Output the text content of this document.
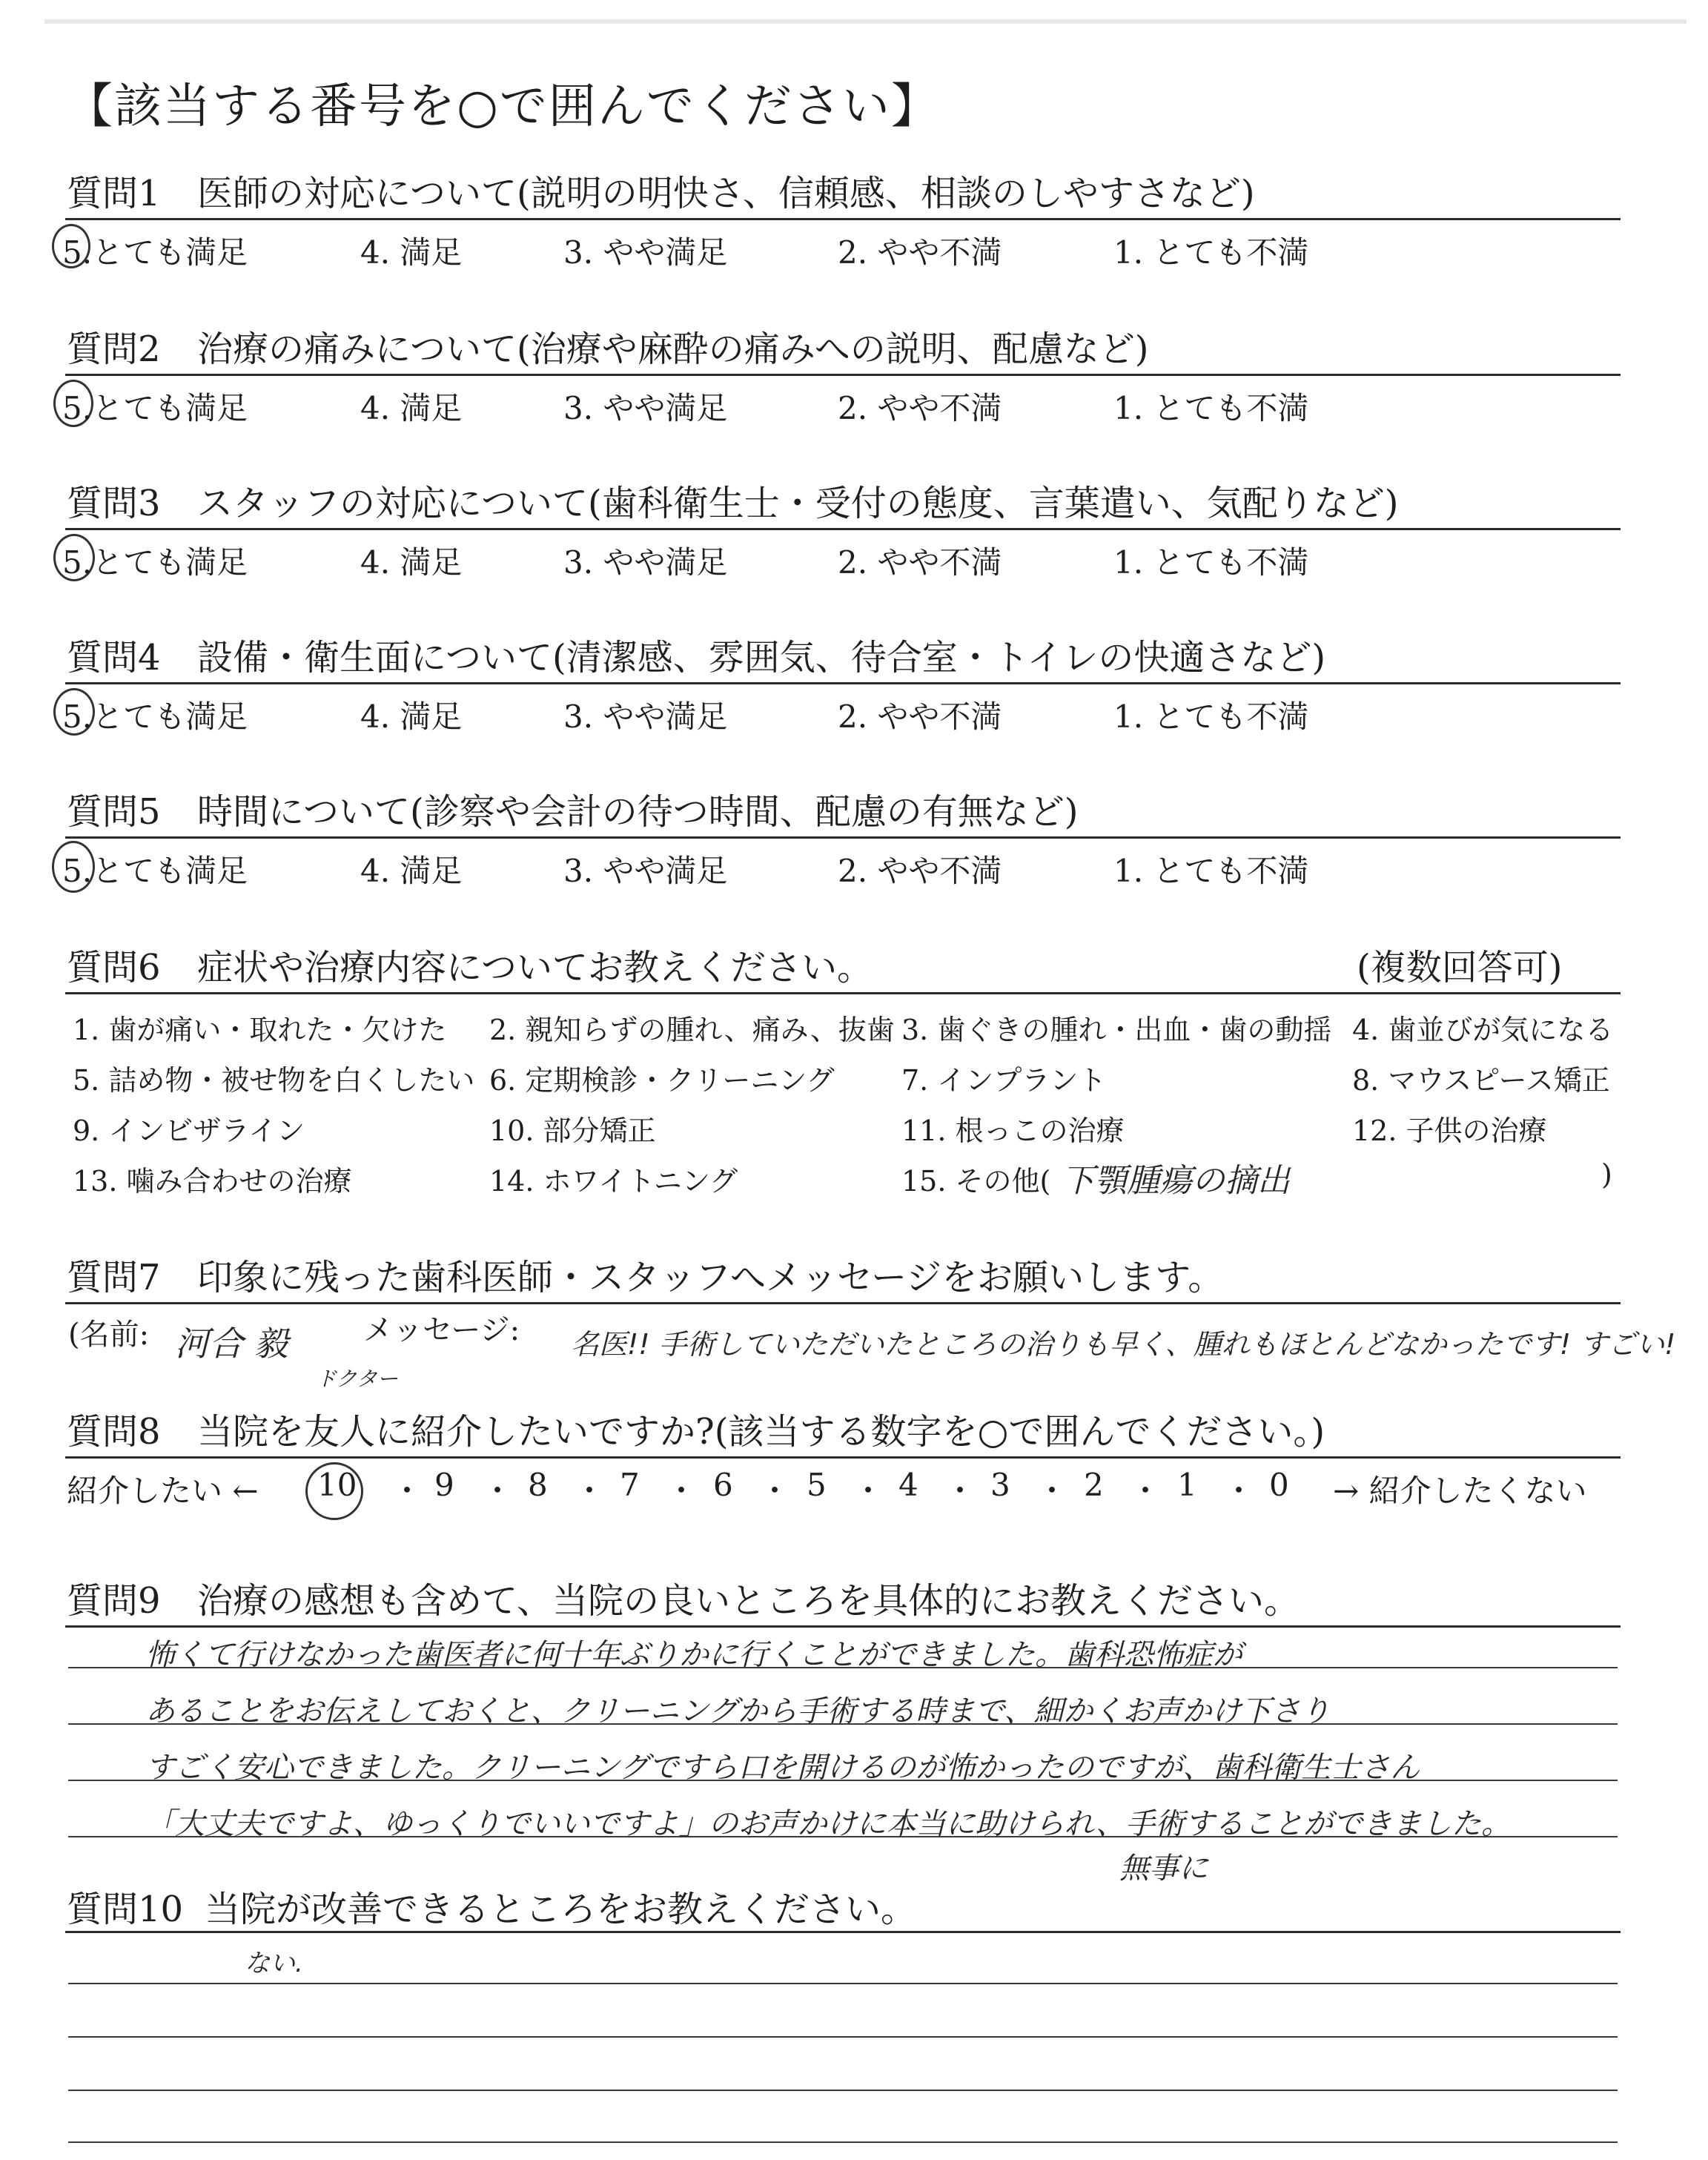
【該当する番号を○で囲んでください】
質問1 医師の対応について(説明の明快さ、信頼感、相談のしやすさなど)
5.とても満足	4. 満足	3. やや満足	2. やや不満	1. とても不満
質問2 治療の痛みについて(治療や麻酔の痛みへの説明、配慮など)
5.とても満足	4. 満足	3. やや満足	2. やや不満	1. とても不満
質問3 スタッフの対応について(歯科衛生士・受付の態度、言葉遣い、気配りなど)
5.とても満足	4. 満足	3. やや満足	2. やや不満	1. とても不満
質問4 設備・衛生面について(清潔感、雰囲気、待合室・トイレの快適さなど)
5.とても満足	4. 満足	3. やや満足	2. やや不満	1. とても不満
質問5 時間について(診察や会計の待つ時間、配慮の有無など)
5.とても満足	4. 満足	3. やや満足	2. やや不満	1. とても不満
質問6 症状や治療内容についてお教えください。	(複数回答可)
1. 歯が痛い・取れた・欠けた 2. 親知らずの腫れ、痛み、抜歯 3. 歯ぐきの腫れ・出血・歯の動揺 4. 歯並びが気になる
5. 詰め物・被せ物を白くしたい 6. 定期検診・クリーニング 7. インプラント	8. マウスピース矯正
9. インビザライン	10. 部分矯正	11. 根っこの治療	12. 子供の治療
13. 噛み合わせの治療	14. ホワイトニング	15. その他( 下顎腫瘍の摘出	)
質問7 印象に残った歯科医師・スタッフへメッセージをお願いします。
(名前: 河合 毅
ドクター
メッセージ: 名医!! 手術していただいたところの治りも早く、腫れもほとんどなかったです! すごい!
質問8 当院を友人に紹介したいですか?(該当する数字を○で囲んでください。)
紹介したい ← 10 ・ 9 ・ 8 ・ 7 ・ 6 ・ 5 ・ 4 ・ 3 ・ 2 ・ 1 ・ 0 → 紹介したくない
質問9 治療の感想も含めて、当院の良いところを具体的にお教えください。
怖くて行けなかった歯医者に何十年ぶりかに行くことができました。歯科恐怖症が
あることをお伝えしておくと、クリーニングから手術する時まで、細かくお声かけ下さり
すごく安心できました。クリーニングですら口を開けるのが怖かったのですが、歯科衛生士さん
「大丈夫ですよ、ゆっくりでいいですよ」のお声かけに本当に助けられ、手術することができました。
無事に
質問10 当院が改善できるところをお教えください。
ない.
